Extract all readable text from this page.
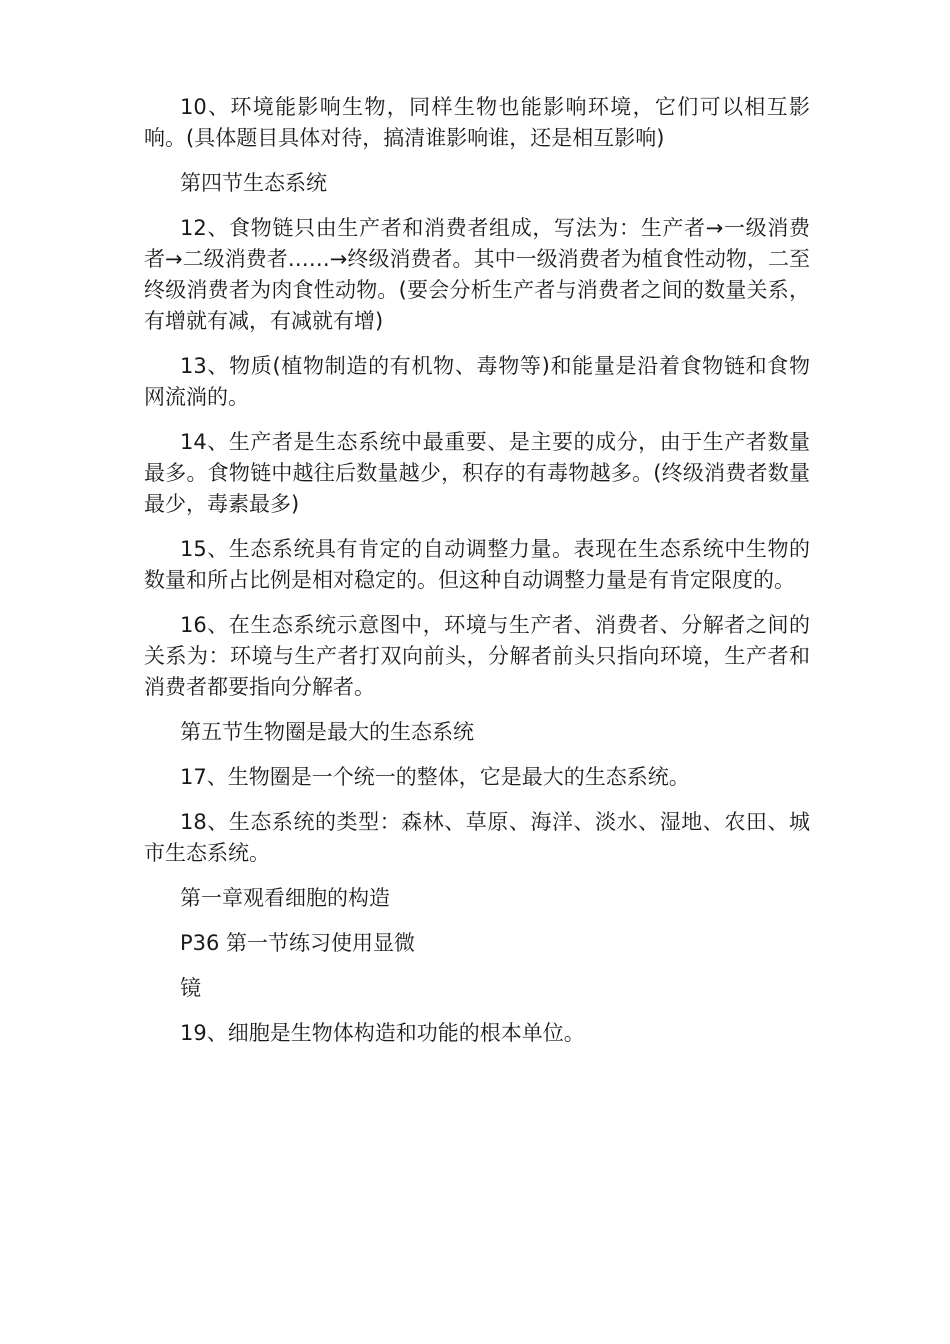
10、环境能影响生物，同样生物也能影响环境，它们可以相互影响。(具体题目具体对待，搞清谁影响谁，还是相互影响)

第四节生态系统

12、食物链只由生产者和消费者组成，写法为：生产者→一级消费者→二级消费者……→终级消费者。其中一级消费者为植食性动物，二至终级消费者为肉食性动物。(要会分析生产者与消费者之间的数量关系，有增就有减，有减就有增)

13、物质(植物制造的有机物、毒物等)和能量是沿着食物链和食物网流淌的。

14、生产者是生态系统中最重要、是主要的成分，由于生产者数量最多。食物链中越往后数量越少，积存的有毒物越多。(终级消费者数量最少，毒素最多)

15、生态系统具有肯定的自动调整力量。表现在生态系统中生物的数量和所占比例是相对稳定的。但这种自动调整力量是有肯定限度的。

16、在生态系统示意图中，环境与生产者、消费者、分解者之间的关系为：环境与生产者打双向前头，分解者前头只指向环境，生产者和消费者都要指向分解者。

第五节生物圈是最大的生态系统

17、生物圈是一个统一的整体，它是最大的生态系统。

18、生态系统的类型：森林、草原、海洋、淡水、湿地、农田、城市生态系统。

第一章观看细胞的构造

P36 第一节练习使用显微

镜

19、细胞是生物体构造和功能的根本单位。
